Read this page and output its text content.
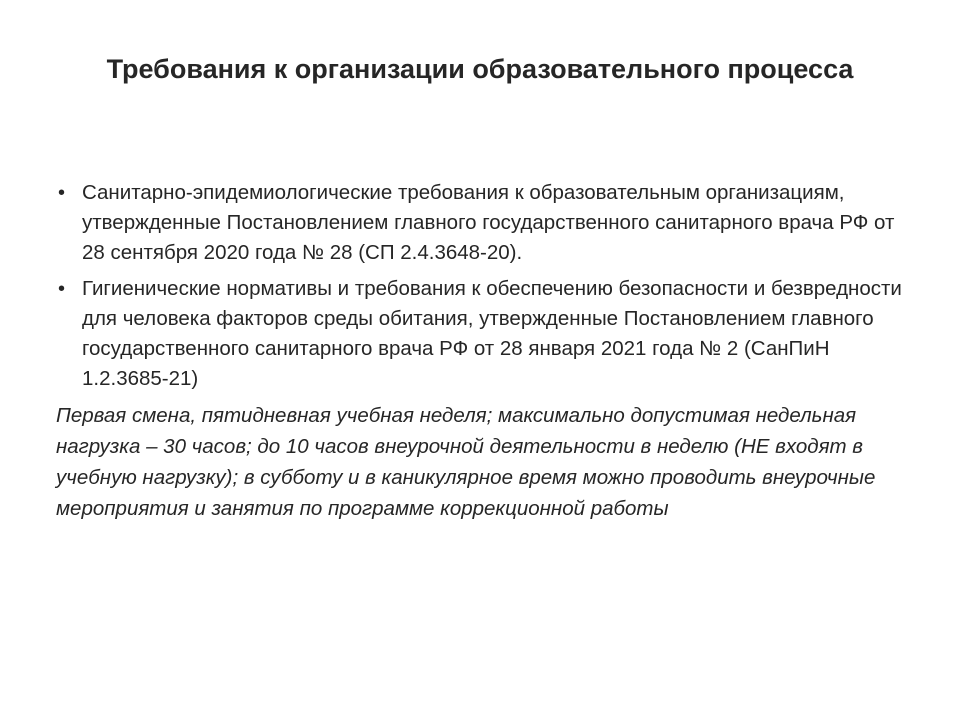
Требования к организации образовательного процесса
• Санитарно-эпидемиологические требования к образовательным организациям, утвержденные Постановлением главного государственного санитарного врача РФ от 28 сентября 2020 года № 28 (СП 2.4.3648-20).
• Гигиенические нормативы и требования к обеспечению безопасности и безвредности для человека факторов среды обитания, утвержденные Постановлением главного государственного санитарного врача РФ от 28 января 2021 года № 2 (СанПиН 1.2.3685-21)
Первая смена, пятидневная учебная неделя; максимально допустимая недельная нагрузка – 30 часов; до 10 часов внеурочной деятельности в неделю (НЕ входят в учебную нагрузку); в субботу и в каникулярное время можно проводить внеурочные мероприятия и занятия по программе коррекционной работы
